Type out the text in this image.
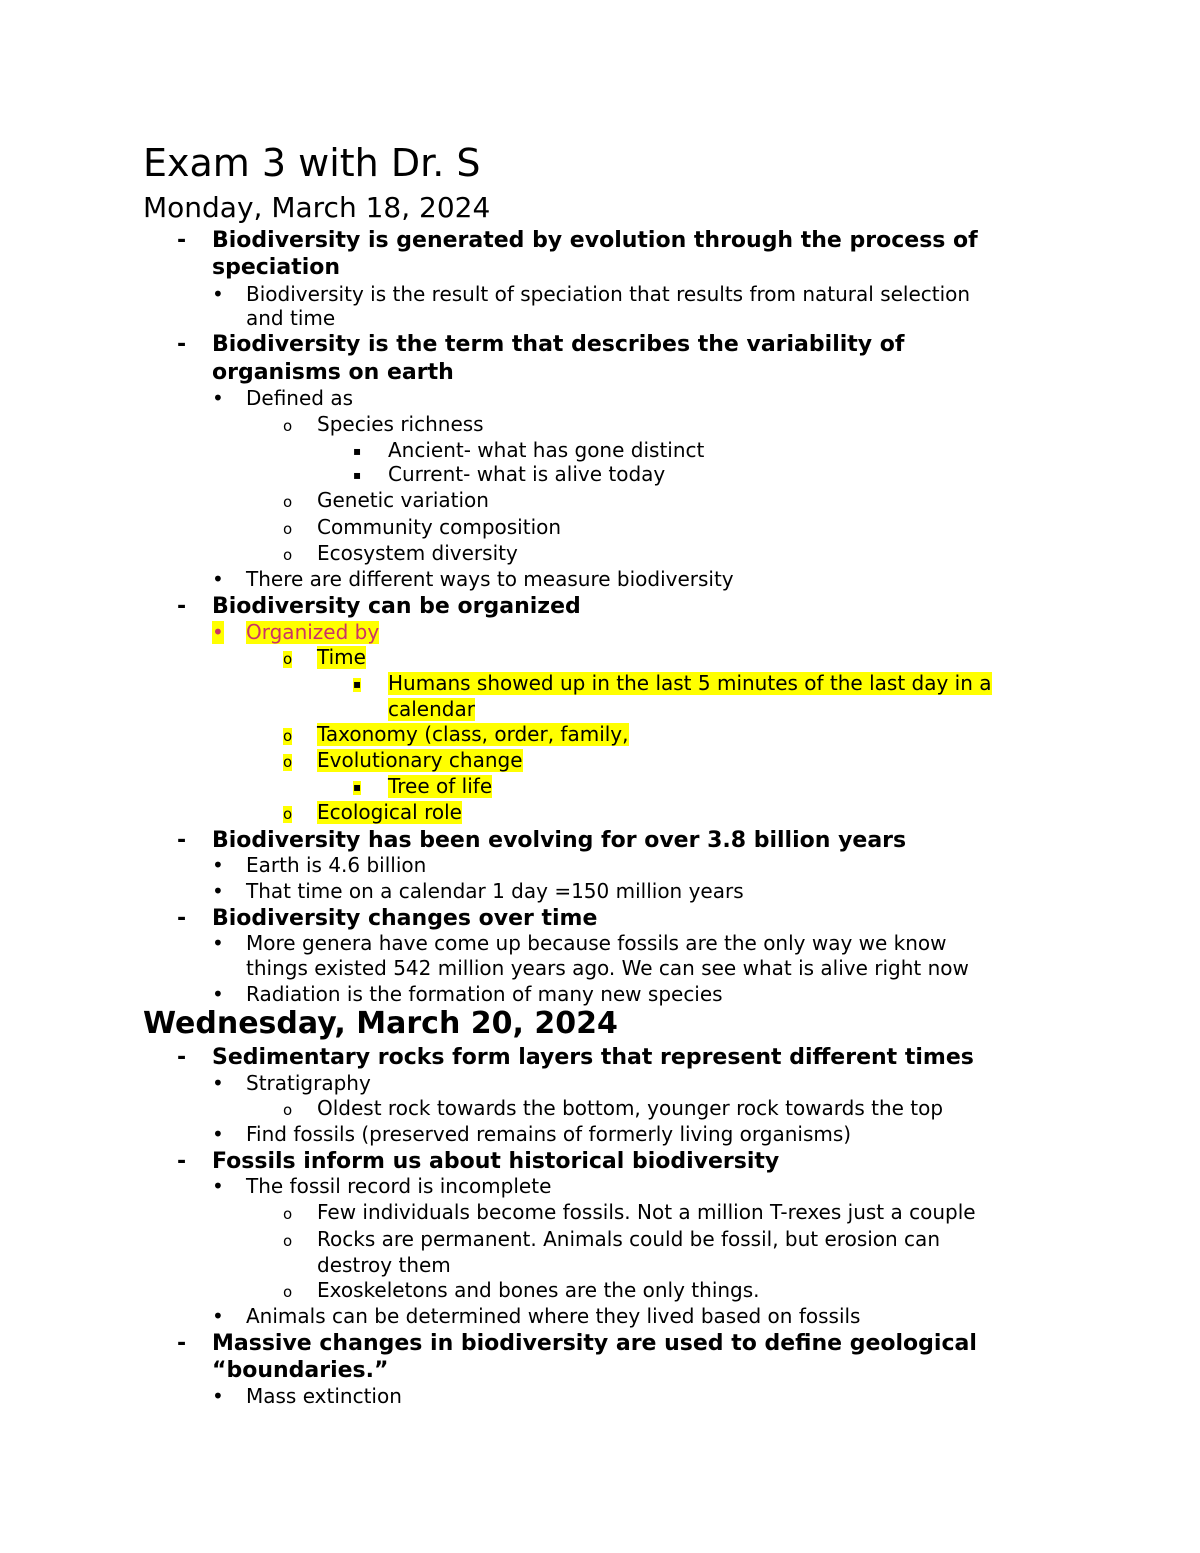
Exam 3 with Dr. S
Monday, March 18, 2024
- Biodiversity is generated by evolution through the process of
speciation
• Biodiversity is the result of speciation that results from natural selection
and time
- Biodiversity is the term that describes the variability of
organisms on earth
• Defined as
o Species richness
▪ Ancient- what has gone distinct
▪ Current- what is alive today
o Genetic variation
o Community composition
o Ecosystem diversity
• There are different ways to measure biodiversity
- Biodiversity can be organized
• Organized by
o Time
▪ Humans showed up in the last 5 minutes of the last day in a
calendar
o Taxonomy (class, order, family,
o Evolutionary change
▪ Tree of life
o Ecological role
- Biodiversity has been evolving for over 3.8 billion years
• Earth is 4.6 billion
• That time on a calendar 1 day =150 million years
- Biodiversity changes over time
• More genera have come up because fossils are the only way we know
things existed 542 million years ago. We can see what is alive right now
• Radiation is the formation of many new species
Wednesday, March 20, 2024
- Sedimentary rocks form layers that represent different times
• Stratigraphy
o Oldest rock towards the bottom, younger rock towards the top
• Find fossils (preserved remains of formerly living organisms)
- Fossils inform us about historical biodiversity
• The fossil record is incomplete
o Few individuals become fossils. Not a million T-rexes just a couple
o Rocks are permanent. Animals could be fossil, but erosion can
destroy them
o Exoskeletons and bones are the only things.
• Animals can be determined where they lived based on fossils
- Massive changes in biodiversity are used to define geological
“boundaries.”
• Mass extinction
